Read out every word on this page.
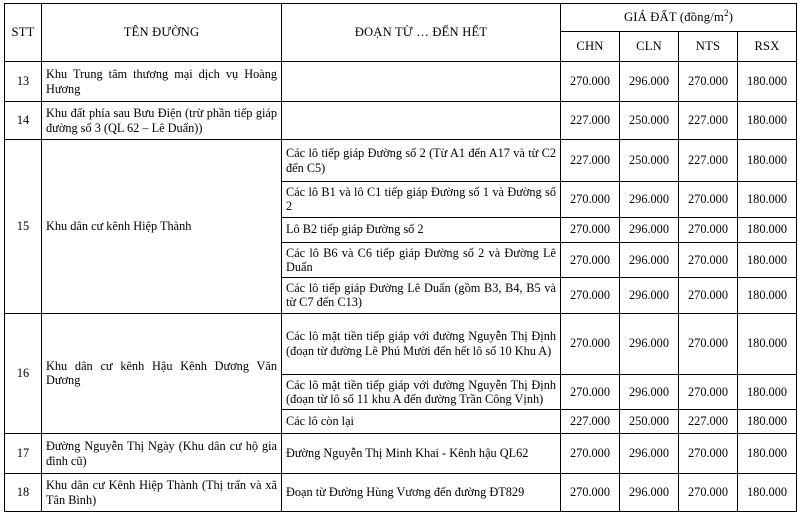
STT	TÊN ĐƯỜNG	ĐOẠN TỪ … ĐẾN HẾT	GIÁ ĐẤT $(đồng/m^2)$			
			CHN	CLN	NTS	RSX
13	Khu Trung tâm thương mại dịch vụ Hoàng Hương		270.000	296.000	270.000	180.000
14	Khu đất phía sau Bưu Điện (trừ phần tiếp giáp đường số 3 (QL 62 – Lê Duẩn))		227.000	250.000	227.000	180.000
15	Khu dân cư kênh Hiệp Thành	Các lô tiếp giáp Đường số 2 (Từ A1 đến A17 và từ C2 đến C5)	227.000	250.000	227.000	180.000
		Các lô B1 và lô C1 tiếp giáp Đường số 1 và Đường số 2	270.000	296.000	270.000	180.000
		Lô B2 tiếp giáp Đường số 2	270.000	296.000	270.000	180.000
		Các lô B6 và C6 tiếp giáp Đường số 2 và Đường Lê Duẩn	270.000	296.000	270.000	180.000
		Các lô tiếp giáp Đường Lê Duẩn (gồm B3, B4, B5 và từ C7 đến C13)	270.000	296.000	270.000	180.000
16	Khu dân cư kênh Hậu Kênh Dương Văn Dương	Các lô mặt tiền tiếp giáp với đường Nguyễn Thị Định (đoạn từ đường Lê Phú Mười đến hết lô số 10 Khu A)	270.000	296.000	270.000	180.000
		Các lô mặt tiền tiếp giáp với đường Nguyễn Thị Định (đoạn từ lô số 11 khu A đến đường Trần Công Vịnh)	270.000	296.000	270.000	180.000
		Các lô còn lại	227.000	250.000	227.000	180.000
17	Đường Nguyễn Thị Ngày (Khu dân cư hộ gia đình cũ)	Đường Nguyễn Thị Minh Khai - Kênh hậu QL62	270.000	296.000	270.000	180.000
18	Khu dân cư Kênh Hiệp Thành (Thị trấn và xã Tân Bình)	Đoạn từ Đường Hùng Vương đến đường ĐT829	270.000	296.000	270.000	180.000
